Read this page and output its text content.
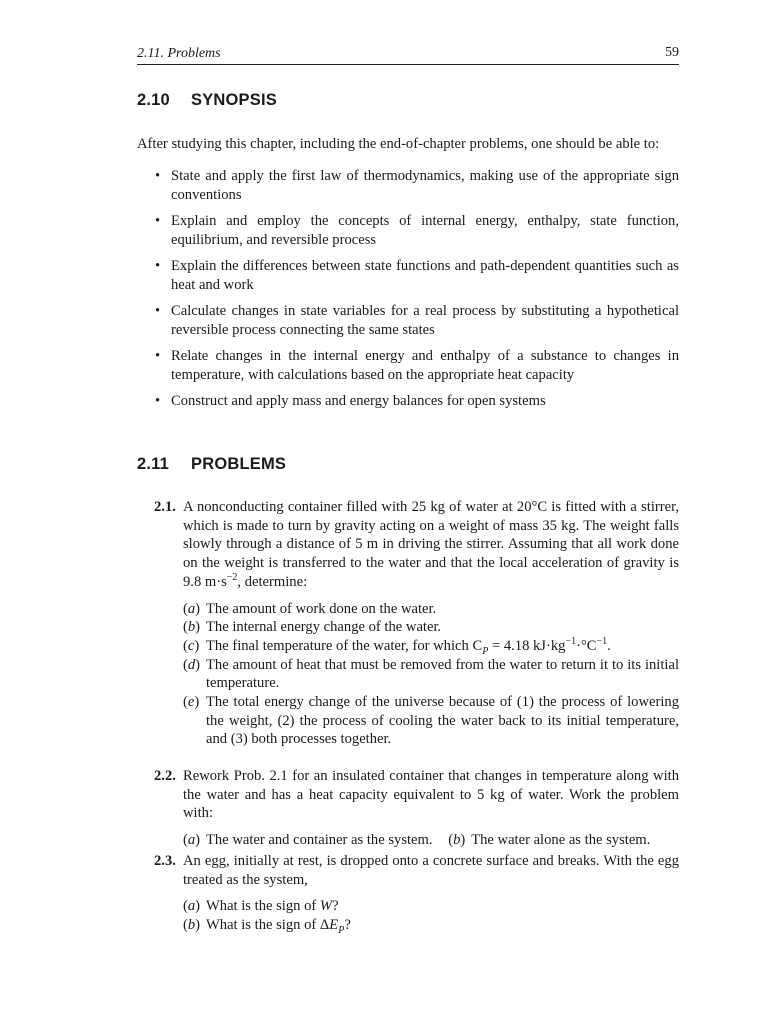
2.11. Problems	59
2.10 SYNOPSIS
After studying this chapter, including the end-of-chapter problems, one should be able to:
• State and apply the first law of thermodynamics, making use of the appropriate sign conventions
• Explain and employ the concepts of internal energy, enthalpy, state function, equilibrium, and reversible process
• Explain the differences between state functions and path-dependent quantities such as heat and work
• Calculate changes in state variables for a real process by substituting a hypothetical reversible process connecting the same states
• Relate changes in the internal energy and enthalpy of a substance to changes in temperature, with calculations based on the appropriate heat capacity
• Construct and apply mass and energy balances for open systems
2.11 PROBLEMS
2.1. A nonconducting container filled with 25 kg of water at 20°C is fitted with a stirrer, which is made to turn by gravity acting on a weight of mass 35 kg. The weight falls slowly through a distance of 5 m in driving the stirrer. Assuming that all work done on the weight is transferred to the water and that the local acceleration of gravity is 9.8 $m\cdot s^{-2}$, determine:
(a) The amount of work done on the water.
(b) The internal energy change of the water.
(c) The final temperature of the water, for which $C_P = 4.18$ $kJ\cdot kg^{-1}\cdot^\circ C^{-1}$.
(d) The amount of heat that must be removed from the water to return it to its initial temperature.
(e) The total energy change of the universe because of (1) the process of lowering the weight, (2) the process of cooling the water back to its initial temperature, and (3) both processes together.
2.2. Rework Prob. 2.1 for an insulated container that changes in temperature along with the water and has a heat capacity equivalent to 5 kg of water. Work the problem with:
(a) The water and container as the system. (b) The water alone as the system.
2.3. An egg, initially at rest, is dropped onto a concrete surface and breaks. With the egg treated as the system,
(a) What is the sign of W?
(b) What is the sign of $\Delta E_P$?
